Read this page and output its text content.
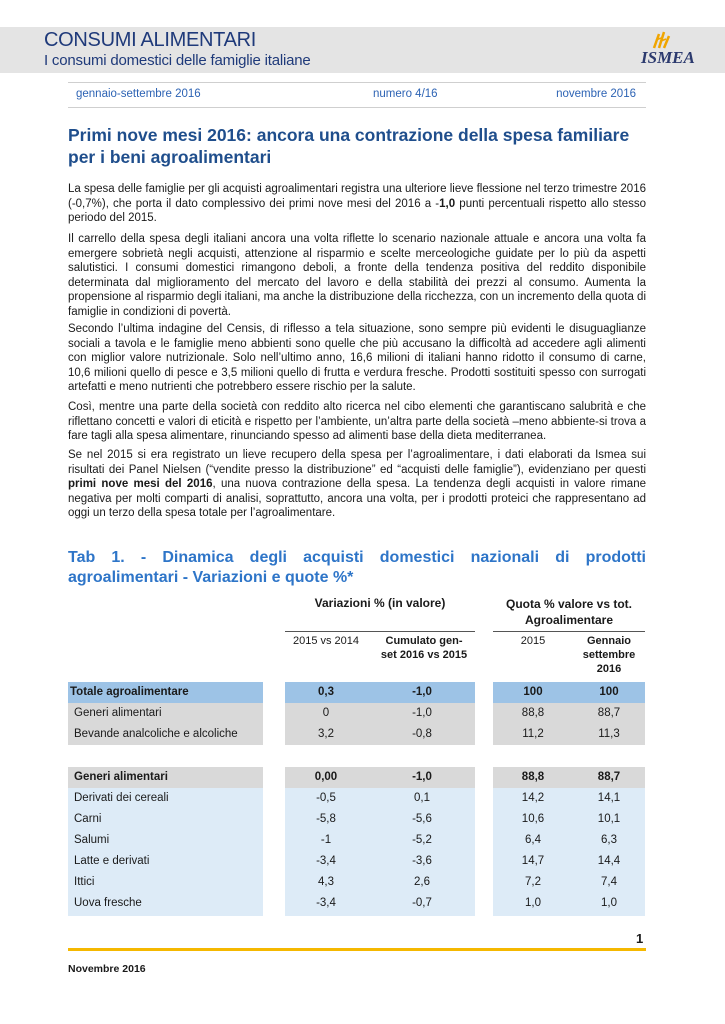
CONSUMI ALIMENTARI
I consumi domestici delle famiglie italiane	ISMEA
gennaio-settembre 2016	numero 4/16	novembre 2016
Primi nove mesi 2016: ancora una contrazione della spesa familiare per i beni agroalimentari

La spesa delle famiglie per gli acquisti agroalimentari registra una ulteriore lieve flessione nel terzo trimestre 2016 (-0,7%), che porta il dato complessivo dei primi nove mesi del 2016 a -1,0 punti percentuali rispetto allo stesso periodo del 2015.

Il carrello della spesa degli italiani ancora una volta riflette lo scenario nazionale attuale e ancora una volta fa emergere sobrietà negli acquisti, attenzione al risparmio e scelte merceologiche guidate per lo più da aspetti salutistici. I consumi domestici rimangono deboli, a fronte della tendenza positiva del reddito disponibile determinata dal miglioramento del mercato del lavoro e della stabilità dei prezzi al consumo. Aumenta la propensione al risparmio degli italiani, ma anche la distribuzione della ricchezza, con un incremento della quota di famiglie in condizioni di povertà.

Secondo l’ultima indagine del Censis, di riflesso a tela situazione, sono sempre più evidenti le disuguaglianze sociali a tavola e le famiglie meno abbienti sono quelle che più accusano la difficoltà ad accedere agli alimenti con miglior valore nutrizionale. Solo nell’ultimo anno, 16,6 milioni di italiani hanno ridotto il consumo di carne, 10,6 milioni quello di pesce e 3,5 milioni quello di frutta e verdura fresche. Prodotti sostituiti spesso con surrogati artefatti e meno nutrienti che potrebbero essere rischio per la salute.

Così, mentre una parte della società con reddito alto ricerca nel cibo elementi che garantiscano salubrità e che riflettano concetti e valori di eticità e rispetto per l’ambiente, un’altra parte della società –meno abbiente-si trova a fare tagli alla spesa alimentare, rinunciando spesso ad alimenti base della dieta mediterranea.

Se nel 2015 si era registrato un lieve recupero della spesa per l’agroalimentare, i dati elaborati da Ismea sui risultati dei Panel Nielsen (“vendite presso la distribuzione” ed “acquisti delle famiglie”), evidenziano per questi primi nove mesi del 2016, una nuova contrazione della spesa. La tendenza degli acquisti in valore rimane negativa per molti comparti di analisi, soprattutto, ancora una volta, per i prodotti proteici che rappresentano ad oggi un terzo della spesa totale per l’agroalimentare.

Tab 1. - Dinamica degli acquisti domestici nazionali di prodotti agroalimentari - Variazioni e quote %*
Variazioni % (in valore)	Quota % valore vs tot. Agroalimentare
2015 vs 2014	Cumulato gen-set 2016 vs 2015
2015	Gennaio settembre 2016
Totale agroalimentare	0,3	-1,0	100	100
Generi alimentari	0	-1,0	88,8	88,7
Bevande analcoliche e alcoliche	3,2	-0,8	11,2	11,3
Generi alimentari	0,00	-1,0	88,8	88,7
Derivati dei cereali	-0,5	0,1	14,2	14,1
Carni	-5,8	-5,6	10,6	10,1
Salumi	-1	-5,2	6,4	6,3
Latte e derivati	-3,4	-3,6	14,7	14,4
Ittici	4,3	2,6	7,2	7,4
Uova fresche	-3,4	-0,7	1,0	1,0
1
Novembre 2016
